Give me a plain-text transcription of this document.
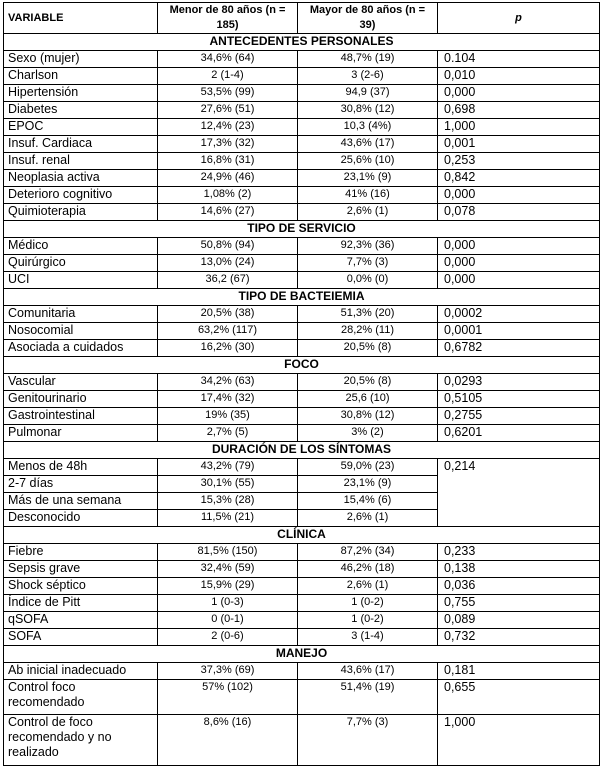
VARIABLE	Menor de 80 años (n = 185)	Mayor de 80 años (n = 39)	p
ANTECEDENTES PERSONALES			
Sexo (mujer)	34,6% (64)	48,7% (19)	0.104
Charlson	2 (1-4)	3 (2-6)	0,010
Hipertensión	53,5% (99)	94,9 (37)	0,000
Diabetes	27,6% (51)	30,8% (12)	0,698
EPOC	12,4% (23)	10,3 (4%)	1,000
Insuf. Cardiaca	17,3% (32)	43,6% (17)	0,001
Insuf. renal	16,8% (31)	25,6% (10)	0,253
Neoplasia activa	24,9% (46)	23,1% (9)	0,842
Deterioro cognitivo	1,08% (2)	41% (16)	0,000
Quimioterapia	14,6% (27)	2,6% (1)	0,078
TIPO DE SERVICIO			
Médico	50,8% (94)	92,3% (36)	0,000
Quirúrgico	13,0% (24)	7,7% (3)	0,000
UCI	36,2 (67)	0,0% (0)	0,000
TIPO DE BACTEIEMIA			
Comunitaria	20,5% (38)	51,3% (20)	0,0002
Nosocomial	63,2% (117)	28,2% (11)	0,0001
Asociada a cuidados	16,2% (30)	20,5% (8)	0,6782
FOCO			
Vascular	34,2% (63)	20,5% (8)	0,0293
Genitourinario	17,4% (32)	25,6 (10)	0,5105
Gastrointestinal	19% (35)	30,8% (12)	0,2755
Pulmonar	2,7% (5)	3% (2)	0,6201
DURACIÓN DE LOS SÍNTOMAS			
Menos de 48h	43,2% (79)	59,0% (23)	0,214
2-7 días	30,1% (55)	23,1% (9)	
Más de una semana	15,3% (28)	15,4% (6)	
Desconocido	11,5% (21)	2,6% (1)	
CLÍNICA			
Fiebre	81,5% (150)	87,2% (34)	0,233
Sepsis grave	32,4% (59)	46,2% (18)	0,138
Shock séptico	15,9% (29)	2,6% (1)	0,036
Índice de Pitt	1 (0-3)	1 (0-2)	0,755
qSOFA	0 (0-1)	1 (0-2)	0,089
SOFA	2 (0-6)	3 (1-4)	0,732
MANEJO			
Ab inicial inadecuado	37,3% (69)	43,6% (17)	0,181
Control foco recomendado	57% (102)	51,4% (19)	0,655
Control de foco recomendado y no realizado	8,6% (16)	7,7% (3)	1,000
